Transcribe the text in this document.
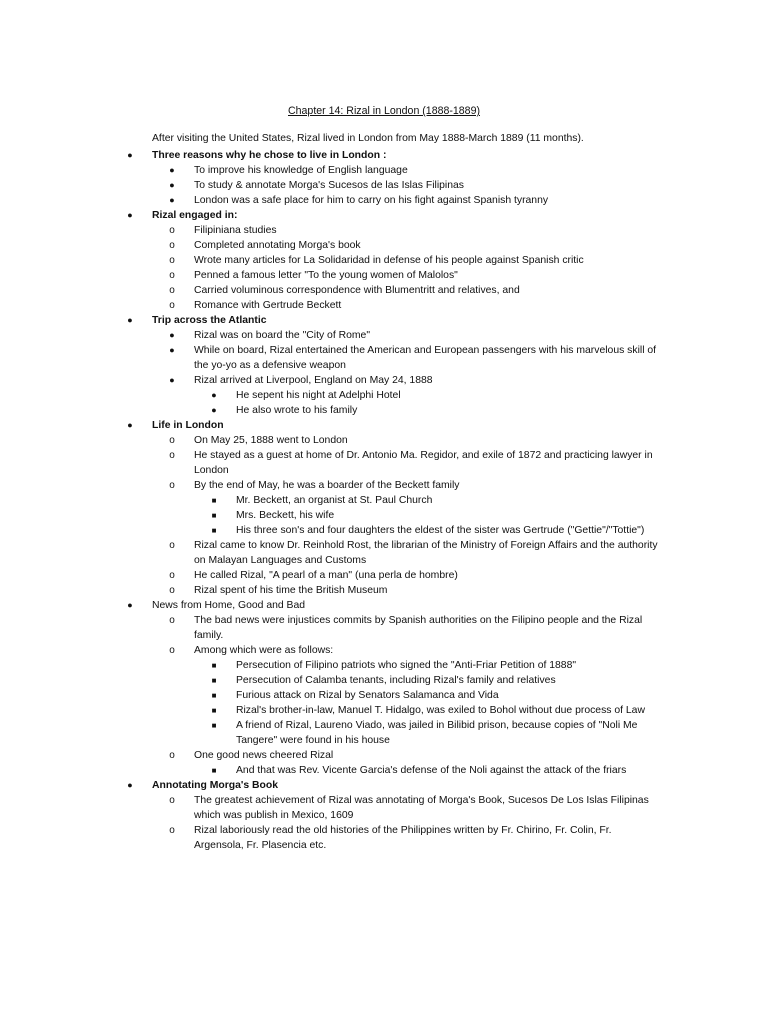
Chapter 14: Rizal in London (1888-1889)
After visiting the United States, Rizal lived in London from May 1888-March 1889 (11 months).
●	Three reasons why he chose to live in London :
●	To improve his knowledge of English language
●	To study & annotate Morga's Sucesos de las Islas Filipinas
●	London was a safe place for him to carry on his fight against Spanish tyranny
●	Rizal engaged in:
o	Filipiniana studies
o	Completed annotating Morga's book
o	Wrote many articles for La Solidaridad in defense of his people against Spanish critic
o	Penned a famous letter "To the young women of Malolos"
o	Carried voluminous correspondence with Blumentritt and relatives, and
o	Romance with Gertrude Beckett
●	Trip across the Atlantic
●	Rizal was on board the "City of Rome"
●	While on board, Rizal entertained the American and European passengers with his marvelous skill of the yo-yo as a defensive weapon
●	Rizal arrived at Liverpool, England on May 24, 1888
●	He sepent his night at Adelphi Hotel
●	He also wrote to his family
●	Life in London
o	On May 25, 1888 went to London
o	He stayed as a guest at home of Dr. Antonio Ma. Regidor, and exile of 1872 and practicing lawyer in London
o	By the end of May, he was a boarder of the Beckett family
■	Mr. Beckett, an organist at St. Paul Church
■	Mrs. Beckett, his wife
■	His three son's and four daughters the eldest of the sister was Gertrude ("Gettie"/"Tottie")
o	Rizal came to know Dr. Reinhold Rost, the librarian of the Ministry of Foreign Affairs and the authority on Malayan Languages and Customs
o	He called Rizal, "A pearl of a man" (una perla de hombre)
o	Rizal spent of his time the British Museum
●	News from Home, Good and Bad
o	The bad news were injustices commits by Spanish authorities on the Filipino people and the Rizal family.
o	Among which were as follows:
■	Persecution of Filipino patriots who signed the "Anti-Friar Petition of 1888"
■	Persecution of Calamba tenants, including Rizal's family and relatives
■	Furious attack on Rizal by Senators Salamanca and Vida
■	Rizal's brother-in-law, Manuel T. Hidalgo, was exiled to Bohol without due process of Law
■	A friend of Rizal, Laureno Viado, was jailed in Bilibid prison, because copies of "Noli Me Tangere" were found in his house
o	One good news cheered Rizal
■	And that was Rev. Vicente Garcia's defense of the Noli against the attack of the friars
●	Annotating Morga's Book
o	The greatest achievement of Rizal was annotating of Morga's Book, Sucesos De Los Islas Filipinas which was publish in Mexico, 1609
o	Rizal laboriously read the old histories of the Philippines written by Fr. Chirino, Fr. Colin, Fr. Argensola, Fr. Plasencia etc.
